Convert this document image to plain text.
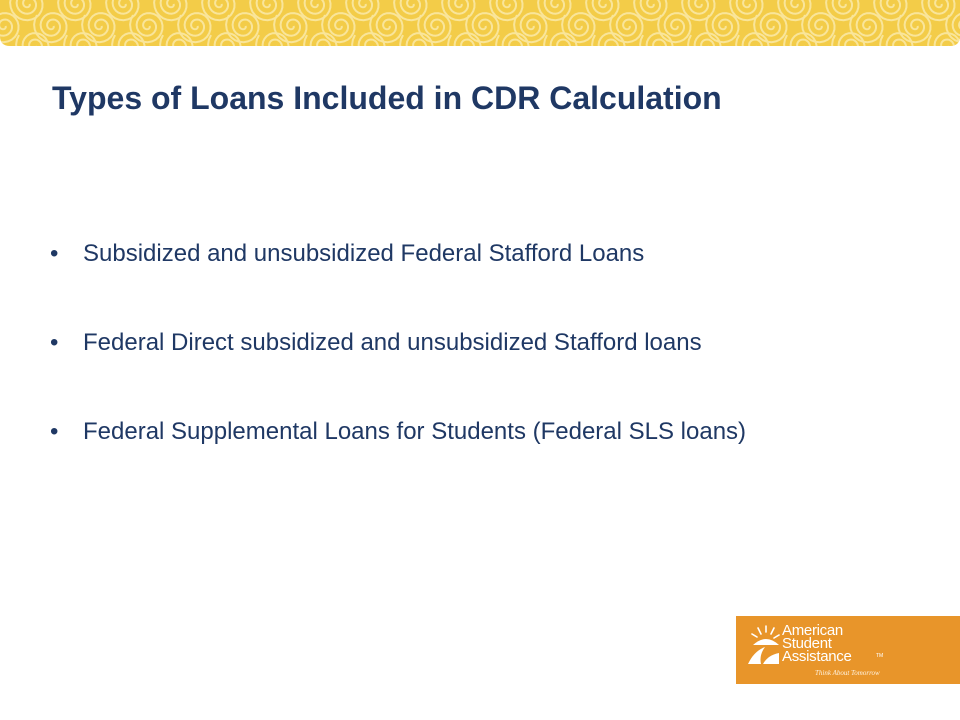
Types of Loans Included in CDR Calculation
• Subsidized and unsubsidized Federal Stafford Loans
• Federal Direct subsidized and unsubsidized Stafford loans
• Federal Supplemental Loans for Students (Federal SLS loans)
American
Student
Assistance	TM
Think About Tomorrow
